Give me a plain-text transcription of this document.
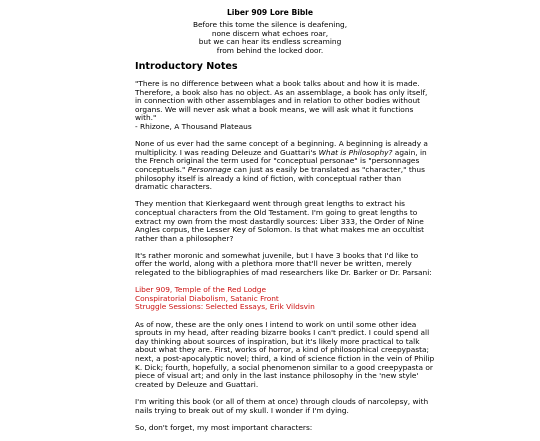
Liber 909 Lore Bible
Before this tome the silence is deafening,
none discern what echoes roar,
but we can hear its endless screaming
from behind the locked door.
Introductory Notes

"There is no difference between what a book talks about and how it is made. Therefore, a book also has no object. As an assemblage, a book has only itself, in connection with other assemblages and in relation to other bodies without organs. We will never ask what a book means, we will ask what it functions with."
- Rhizone, A Thousand Plateaus

None of us ever had the same concept of a beginning. A beginning is already a multiplicity. I was reading Deleuze and Guattari's What is Philosophy? again, in the French original the term used for "conceptual personae" is "personnages conceptuels." Personnage can just as easily be translated as "character," thus philosophy itself is already a kind of fiction, with conceptual rather than dramatic characters.

They mention that Kierkegaard went through great lengths to extract his conceptual characters from the Old Testament. I'm going to great lengths to extract my own from the most dastardly sources: Liber 333, the Order of Nine Angles corpus, the Lesser Key of Solomon. Is that what makes me an occultist rather than a philosopher?

It's rather moronic and somewhat juvenile, but I have 3 books that I'd like to offer the world, along with a plethora more that'll never be written, merely relegated to the bibliographies of mad researchers like Dr. Barker or Dr. Parsani:

Liber 909, Temple of the Red Lodge
Conspiratorial Diabolism, Satanic Front
Struggle Sessions: Selected Essays, Erik Vildsvin

As of now, these are the only ones I intend to work on until some other idea sprouts in my head, after reading bizarre books I can't predict. I could spend all day thinking about sources of inspiration, but it's likely more practical to talk about what they are. First, works of horror, a kind of philosophical creepypasta; next, a post-apocalyptic novel; third, a kind of science fiction in the vein of Philip K. Dick; fourth, hopefully, a social phenomenon similar to a good creepypasta or piece of visual art; and only in the last instance philosophy in the 'new style' created by Deleuze and Guattari.

I'm writing this book (or all of them at once) through clouds of narcolepsy, with nails trying to break out of my skull. I wonder if I'm dying.

So, don't forget, my most important characters:
